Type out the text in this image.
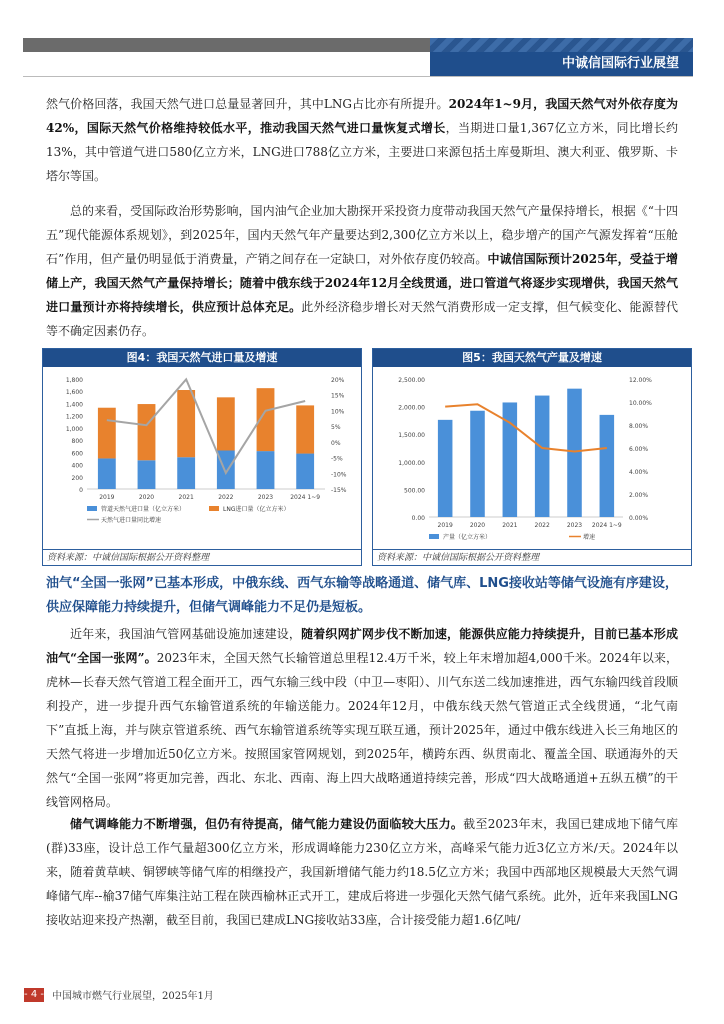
中诚信国际行业展望
然气价格回落，我国天然气进口总量显著回升，其中LNG占比亦有所提升。2024年1~9月，我国天然气对外依存度为42%，国际天然气价格维持较低水平，推动我国天然气进口量恢复式增长，当期进口量1,367亿立方米，同比增长约13%，其中管道气进口580亿立方米，LNG进口788亿立方米，主要进口来源包括土库曼斯坦、澳大利亚、俄罗斯、卡塔尔等国。
总的来看，受国际政治形势影响，国内油气企业加大勘探开采投资力度带动我国天然气产量保持增长，根据《“十四五”现代能源体系规划》，到2025年，国内天然气年产量要达到2,300亿立方米以上，稳步增产的国产气源发挥着“压舱石”作用，但产量仍明显低于消费量，产销之间存在一定缺口，对外依存度仍较高。中诚信国际预计2025年，受益于增储上产，我国天然气产量保持增长；随着中俄东线于2024年12月全线贯通，进口管道气将逐步实现增供，我国天然气进口量预计亦将持续增长，供应预计总体充足。此外经济稳步增长对天然气消费形成一定支撑，但气候变化、能源替代等不确定因素仍存。
图4：我国天然气进口量及增速
1,800
1,600
1,400
1,200
1,000
800
600
400
200
0
20%
15%
10%
5%
0%
-5%
-10%
-15%
2019	2020	2021	2022	2023	2024 1~9
管道天然气进口量（亿立方米）	LNG进口量（亿立方米）
天然气进口量同比增速
资料来源：中诚信国际根据公开资料整理
图5：我国天然气产量及增速
2,500.00
2,000.00
1,500.00
1,000.00
500.00
0.00
12.00%
10.00%
8.00%
6.00%
4.00%
2.00%
0.00%
2019	2020	2021	2022	2023 2024 1~9
产量（亿立方米）	增速
资料来源：中诚信国际根据公开资料整理
油气“全国一张网”已基本形成，中俄东线、西气东输等战略通道、储气库、LNG接收站等储气设施有序建设，供应保障能力持续提升，但储气调峰能力不足仍是短板。
近年来，我国油气管网基础设施加速建设，随着织网扩网步伐不断加速，能源供应能力持续提升，目前已基本形成油气“全国一张网”。2023年末，全国天然气长输管道总里程12.4万千米，较上年末增加超4,000千米。2024年以来，虎林—长春天然气管道工程全面开工，西气东输三线中段（中卫—枣阳）、川气东送二线加速推进，西气东输四线首段顺利投产，进一步提升西气东输管道系统的年输送能力。2024年12月，中俄东线天然气管道正式全线贯通，“北气南下”直抵上海，并与陕京管道系统、西气东输管道系统等实现互联互通，预计2025年，通过中俄东线进入长三角地区的天然气将进一步增加近50亿立方米。按照国家管网规划，到2025年，横跨东西、纵贯南北、覆盖全国、联通海外的天然气“全国一张网”将更加完善，西北、东北、西南、海上四大战略通道持续完善，形成“四大战略通道+五纵五横”的干线管网格局。
储气调峰能力不断增强，但仍有待提高，储气能力建设仍面临较大压力。截至2023年末，我国已建成地下储气库(群)33座，设计总工作气量超300亿立方米，形成调峰能力230亿立方米，高峰采气能力近3亿立方米/天。2024年以来，随着黄草峡、铜锣峡等储气库的相继投产，我国新增储气能力约18.5亿立方米；我国中西部地区规模最大天然气调峰储气库--榆37储气库集注站工程在陕西榆林正式开工，建成后将进一步强化天然气储气系统。此外，近年来我国LNG接收站迎来投产热潮，截至目前，我国已建成LNG接收站33座，合计接受能力超1.6亿吨/
- 4 - 中国城市燃气行业展望，2025年1月
